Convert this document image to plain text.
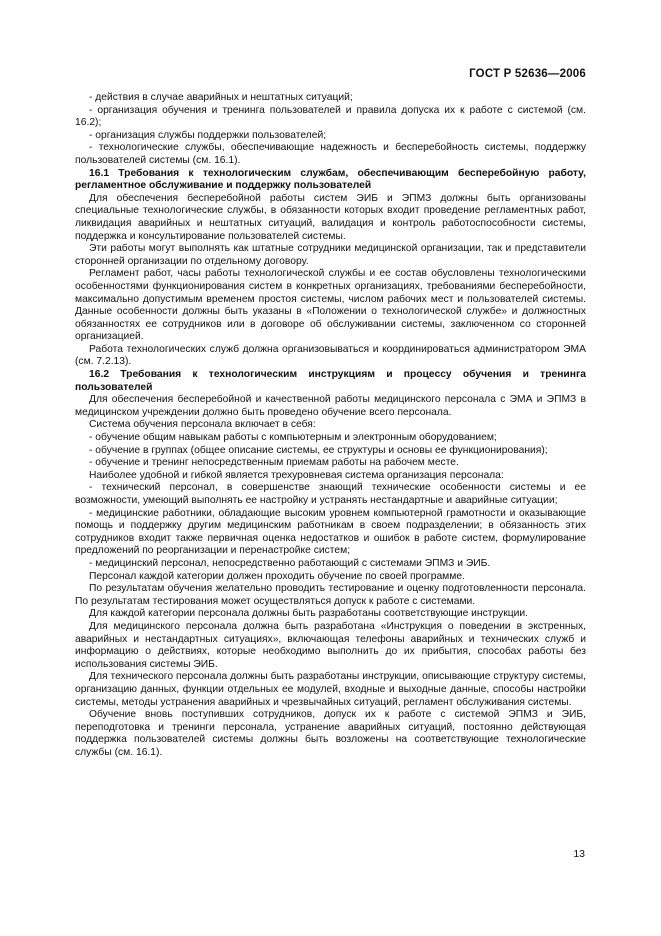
ГОСТ Р 52636—2006

- действия в случае аварийных и нештатных ситуаций;

- организация обучения и тренинга пользователей и правила допуска их к работе с системой (см. 16.2);

- организация службы поддержки пользователей;

- технологические службы, обеспечивающие надежность и бесперебойность системы, поддержку пользователей системы (см. 16.1).

16.1 Требования к технологическим службам, обеспечивающим бесперебойную работу, регламентное обслуживание и поддержку пользователей

Для обеспечения бесперебойной работы систем ЭИБ и ЭПМЗ должны быть организованы специальные технологические службы, в обязанности которых входит проведение регламентных работ, ликвидация аварийных и нештатных ситуаций, валидация и контроль работоспособности системы, поддержка и консультирование пользователей системы.

Эти работы могут выполнять как штатные сотрудники медицинской организации, так и представители сторонней организации по отдельному договору.

Регламент работ, часы работы технологической службы и ее состав обусловлены технологическими особенностями функционирования систем в конкретных организациях, требованиями бесперебойности, максимально допустимым временем простоя системы, числом рабочих мест и пользователей системы. Данные особенности должны быть указаны в «Положении о технологической службе» и должностных обязанностях ее сотрудников или в договоре об обслуживании системы, заключенном со сторонней организацией.

Работа технологических служб должна организовываться и координироваться администратором ЭМА (см. 7.2.13).

16.2 Требования к технологическим инструкциям и процессу обучения и тренинга пользователей

Для обеспечения бесперебойной и качественной работы медицинского персонала с ЭМА и ЭПМЗ в медицинском учреждении должно быть проведено обучение всего персонала.

Система обучения персонала включает в себя:

- обучение общим навыкам работы с компьютерным и электронным оборудованием;

- обучение в группах (общее описание системы, ее структуры и основы ее функционирования);

- обучение и тренинг непосредственным приемам работы на рабочем месте.

Наиболее удобной и гибкой является трехуровневая система организация персонала:

- технический персонал, в совершенстве знающий технические особенности системы и ее возможности, умеющий выполнять ее настройку и устранять нестандартные и аварийные ситуации;

- медицинские работники, обладающие высоким уровнем компьютерной грамотности и оказывающие помощь и поддержку другим медицинским работникам в своем подразделении; в обязанность этих сотрудников входит также первичная оценка недостатков и ошибок в работе систем, формулирование предложений по реорганизации и перенастройке систем;

- медицинский персонал, непосредственно работающий с системами ЭПМЗ и ЭИБ.

Персонал каждой категории должен проходить обучение по своей программе.

По результатам обучения желательно проводить тестирование и оценку подготовленности персонала. По результатам тестирования может осуществляться допуск к работе с системами.

Для каждой категории персонала должны быть разработаны соответствующие инструкции.

Для медицинского персонала должна быть разработана «Инструкция о поведении в экстренных, аварийных и нестандартных ситуациях», включающая телефоны аварийных и технических служб и информацию о действиях, которые необходимо выполнить до их прибытия, способах работы без использования системы ЭИБ.

Для технического персонала должны быть разработаны инструкции, описывающие структуру системы, организацию данных, функции отдельных ее модулей, входные и выходные данные, способы настройки системы, методы устранения аварийных и чрезвычайных ситуаций, регламент обслуживания системы.

Обучение вновь поступивших сотрудников, допуск их к работе с системой ЭПМЗ и ЭИБ, переподготовка и тренинги персонала, устранение аварийных ситуаций, постоянно действующая поддержка пользователей системы должны быть возложены на соответствующие технологические службы (см. 16.1).

13
